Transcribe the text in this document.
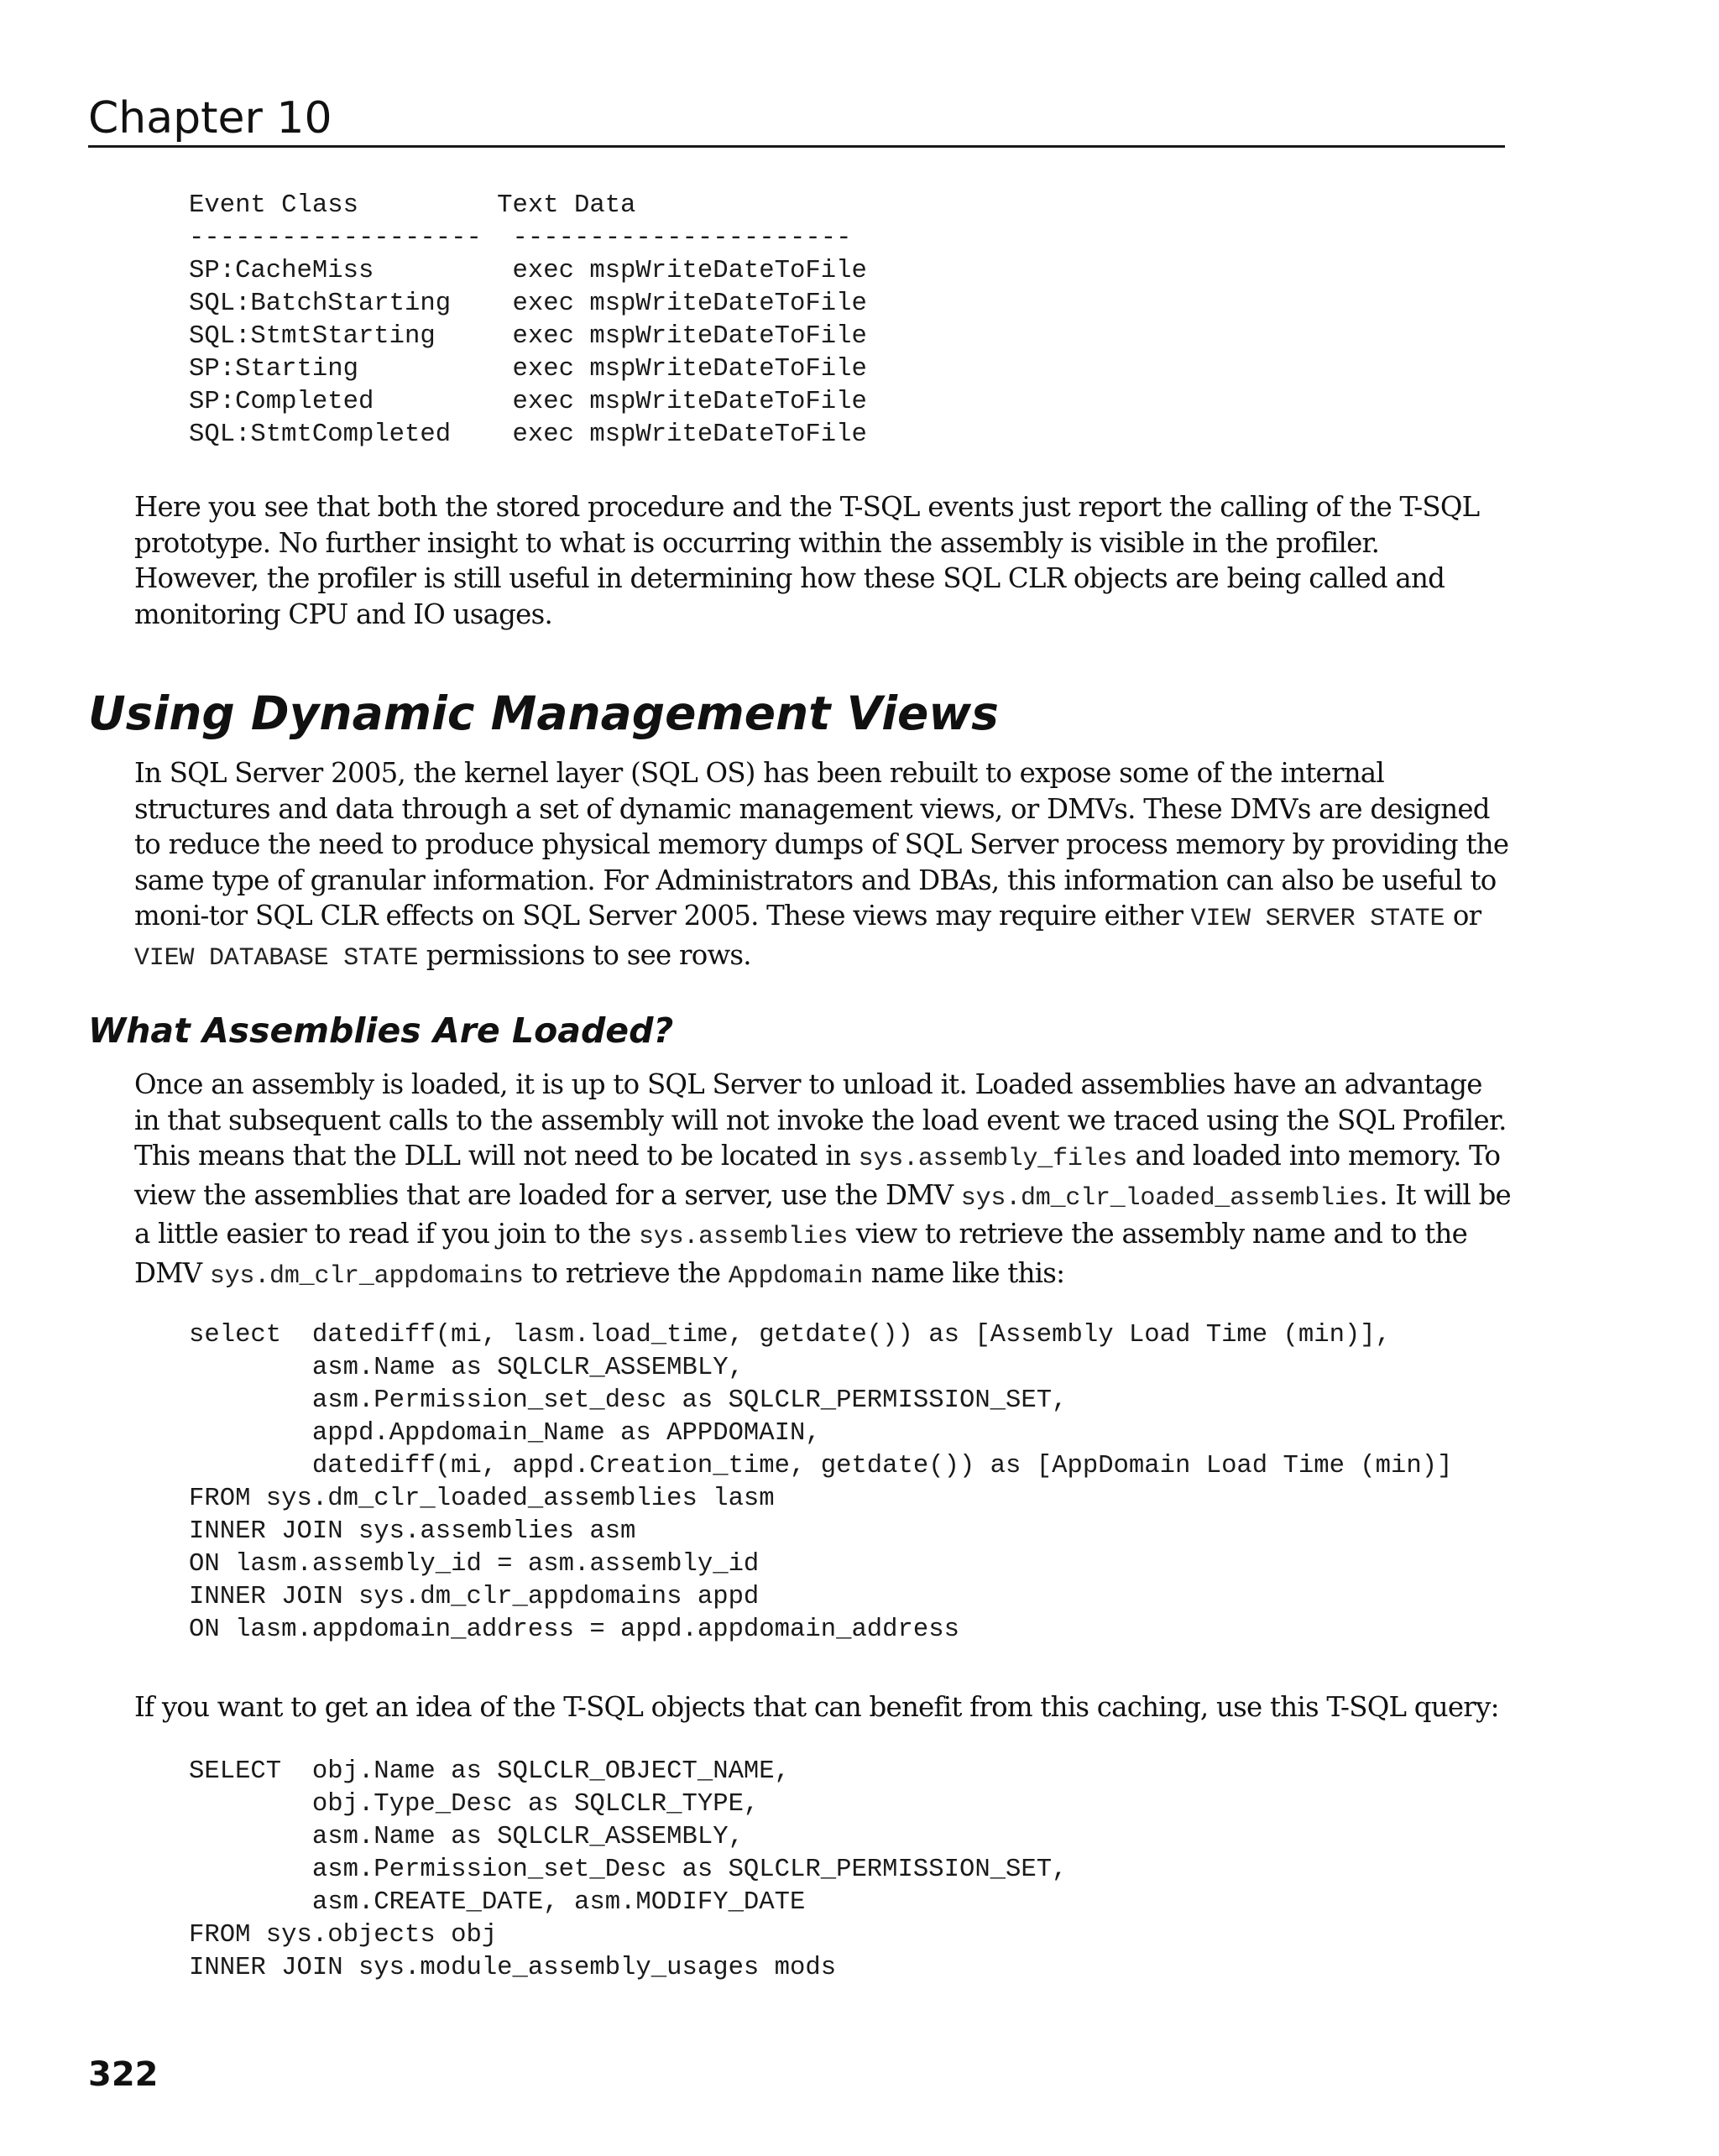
Chapter 10
Event Class         Text Data
-------------------  ----------------------
SP:CacheMiss         exec mspWriteDateToFile
SQL:BatchStarting    exec mspWriteDateToFile
SQL:StmtStarting     exec mspWriteDateToFile
SP:Starting          exec mspWriteDateToFile
SP:Completed         exec mspWriteDateToFile
SQL:StmtCompleted    exec mspWriteDateToFile

Here you see that both the stored procedure and the T-SQL events just report the calling of the T-SQL prototype. No further insight to what is occurring within the assembly is visible in the profiler. However, the profiler is still useful in determining how these SQL CLR objects are being called and monitoring CPU and IO usages.

Using Dynamic Management Views

In SQL Server 2005, the kernel layer (SQL OS) has been rebuilt to expose some of the internal structures and data through a set of dynamic management views, or DMVs. These DMVs are designed to reduce the need to produce physical memory dumps of SQL Server process memory by providing the same type of granular information. For Administrators and DBAs, this information can also be useful to moni-tor SQL CLR effects on SQL Server 2005. These views may require either VIEW SERVER STATE or VIEW DATABASE STATE permissions to see rows.

What Assemblies Are Loaded?

Once an assembly is loaded, it is up to SQL Server to unload it. Loaded assemblies have an advantage in that subsequent calls to the assembly will not invoke the load event we traced using the SQL Profiler. This means that the DLL will not need to be located in sys.assembly_files and loaded into memory. To view the assemblies that are loaded for a server, use the DMV sys.dm_clr_loaded_assemblies. It will be a little easier to read if you join to the sys.assemblies view to retrieve the assembly name and to the DMV sys.dm_clr_appdomains to retrieve the Appdomain name like this:

select  datediff(mi, lasm.load_time, getdate()) as [Assembly Load Time (min)],
asm.Name as SQLCLR_ASSEMBLY,
asm.Permission_set_desc as SQLCLR_PERMISSION_SET,
appd.Appdomain_Name as APPDOMAIN,
datediff(mi, appd.Creation_time, getdate()) as [AppDomain Load Time (min)]
FROM sys.dm_clr_loaded_assemblies lasm
INNER JOIN sys.assemblies asm
ON lasm.assembly_id = asm.assembly_id
INNER JOIN sys.dm_clr_appdomains appd
ON lasm.appdomain_address = appd.appdomain_address

If you want to get an idea of the T-SQL objects that can benefit from this caching, use this T-SQL query:

SELECT  obj.Name as SQLCLR_OBJECT_NAME,
obj.Type_Desc as SQLCLR_TYPE,
asm.Name as SQLCLR_ASSEMBLY,
asm.Permission_set_Desc as SQLCLR_PERMISSION_SET,
asm.CREATE_DATE, asm.MODIFY_DATE
FROM sys.objects obj
INNER JOIN sys.module_assembly_usages mods
322
